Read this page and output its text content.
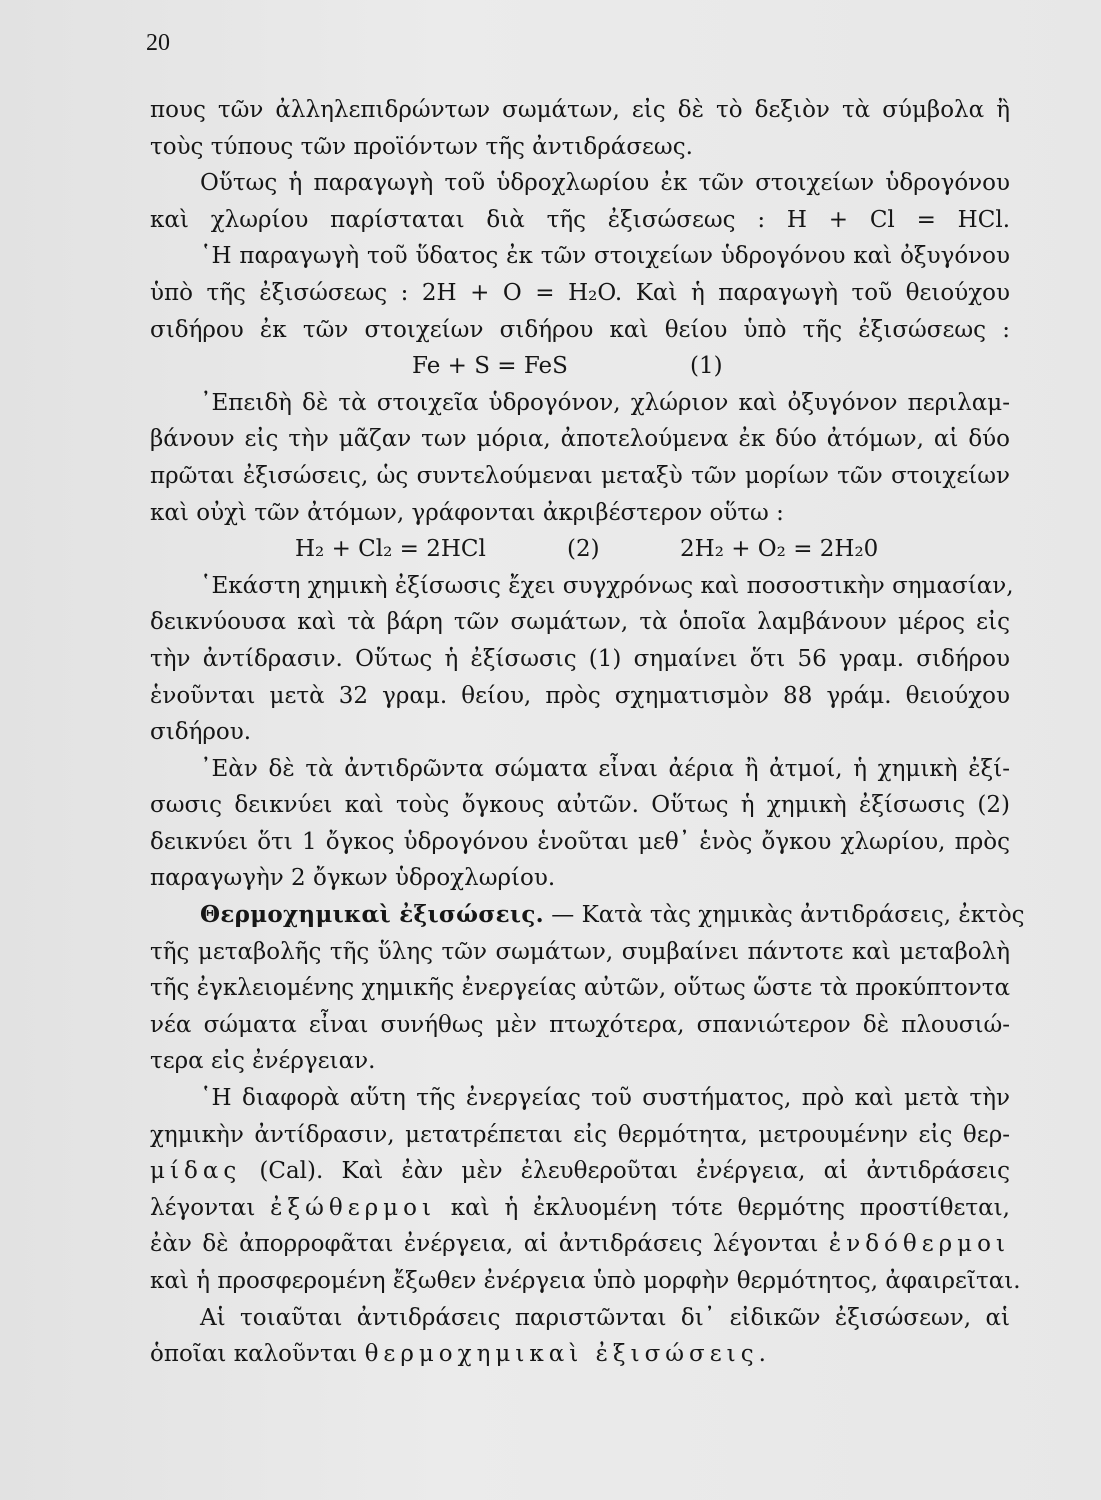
20
πους τῶν ἀλληλεπιδρώντων σωμάτων, εἰς δὲ τὸ δεξιὸν τὰ σύμβολα ἢ
τοὺς τύπους τῶν προϊόντων τῆς ἀντιδράσεως.
Οὕτως ἡ παραγωγὴ τοῦ ὑδροχλωρίου ἐκ τῶν στοιχείων ὑδρογόνου
καὶ χλωρίου παρίσταται διὰ τῆς ἐξισώσεως : H + Cl = HCl.
῾Η παραγωγὴ τοῦ ὕδατος ἐκ τῶν στοιχείων ὑδρογόνου καὶ ὀξυγόνου
ὑπὸ τῆς ἐξισώσεως : 2H + O = H₂O. Καὶ ἡ παραγωγὴ τοῦ θειούχου
σιδήρου ἐκ τῶν στοιχείων σιδήρου καὶ θείου ὑπὸ τῆς ἐξισώσεως :
Fe + S = FeS	(1)
᾿Επειδὴ δὲ τὰ στοιχεῖα ὑδρογόνον, χλώριον καὶ ὀξυγόνον περιλαμ-
βάνουν εἰς τὴν μᾶζαν των μόρια, ἀποτελούμενα ἐκ δύο ἀτόμων, αἱ δύο
πρῶται ἐξισώσεις, ὡς συντελούμεναι μεταξὺ τῶν μορίων τῶν στοιχείων
καὶ οὐχὶ τῶν ἀτόμων, γράφονται ἀκριβέστερον οὕτω :
H₂ + Cl₂ = 2HCl	(2)	2H₂ + O₂ = 2H₂0
῾Εκάστη χημικὴ ἐξίσωσις ἔχει συγχρόνως καὶ ποσοστικὴν σημασίαν,
δεικνύουσα καὶ τὰ βάρη τῶν σωμάτων, τὰ ὁποῖα λαμβάνουν μέρος εἰς
τὴν ἀντίδρασιν. Οὕτως ἡ ἐξίσωσις (1) σημαίνει ὅτι 56 γραμ. σιδήρου
ἑνοῦνται μετὰ 32 γραμ. θείου, πρὸς σχηματισμὸν 88 γράμ. θειούχου
σιδήρου.
᾿Εὰν δὲ τὰ ἀντιδρῶντα σώματα εἶναι ἀέρια ἢ ἀτμοί, ἡ χημικὴ ἐξί-
σωσις δεικνύει καὶ τοὺς ὄγκους αὐτῶν. Οὕτως ἡ χημικὴ ἐξίσωσις (2)
δεικνύει ὅτι 1 ὄγκος ὑδρογόνου ἑνοῦται μεθ᾽ ἑνὸς ὄγκου χλωρίου, πρὸς
παραγωγὴν 2 ὄγκων ὑδροχλωρίου.
Θερμοχημικαὶ ἐξισώσεις. — Κατὰ τὰς χημικὰς ἀντιδράσεις, ἐκτὸς
τῆς μεταβολῆς τῆς ὕλης τῶν σωμάτων, συμβαίνει πάντοτε καὶ μεταβολὴ
τῆς ἐγκλειομένης χημικῆς ἐνεργείας αὐτῶν, οὕτως ὥστε τὰ προκύπτοντα
νέα σώματα εἶναι συνήθως μὲν πτωχότερα, σπανιώτερον δὲ πλουσιώ-
τερα εἰς ἐνέργειαν.
῾Η διαφορὰ αὕτη τῆς ἐνεργείας τοῦ συστήματος, πρὸ καὶ μετὰ τὴν
χημικὴν ἀντίδρασιν, μετατρέπεται εἰς θερμότητα, μετρουμένην εἰς θερ-
μίδας (Cal). Καὶ ἐὰν μὲν ἐλευθεροῦται ἐνέργεια, αἱ ἀντιδράσεις
λέγονται ἐξώθερμοι καὶ ἡ ἐκλυομένη τότε θερμότης προστίθεται,
ἐὰν δὲ ἀπορροφᾶται ἐνέργεια, αἱ ἀντιδράσεις λέγονται ἐνδόθερμοι
καὶ ἡ προσφερομένη ἔξωθεν ἐνέργεια ὑπὸ μορφὴν θερμότητος, ἀφαιρεῖται.
Αἱ τοιαῦται ἀντιδράσεις παριστῶνται δι᾽ εἰδικῶν ἐξισώσεων, αἱ
ὁποῖαι καλοῦνται θερμοχημικαὶ ἐξισώσεις.
